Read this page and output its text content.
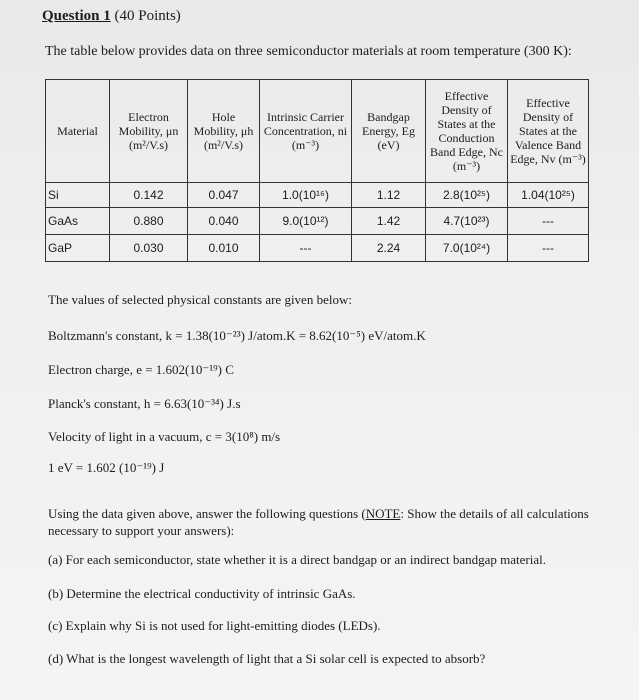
Question 1 (40 Points)
The table below provides data on three semiconductor materials at room temperature (300 K):
Material	Electron Mobility, μn (m²/V.s)	Hole Mobility, μh (m²/V.s)	Intrinsic Carrier Concentration, ni (m⁻³)	Bandgap Energy, Eg (eV)	Effective Density of States at the Conduction Band Edge, Nc (m⁻³)	Effective Density of States at the Valence Band Edge, Nv (m⁻³)
Si	0.142	0.047	1.0(10¹⁶)	1.12	2.8(10²⁵)	1.04(10²⁵)
GaAs	0.880	0.040	9.0(10¹²)	1.42	4.7(10²³)	---
GaP	0.030	0.010	---	2.24	7.0(10²⁴)	---

The values of selected physical constants are given below:

Boltzmann's constant, k = 1.38(10⁻²³) J/atom.K = 8.62(10⁻⁵) eV/atom.K

Electron charge, e = 1.602(10⁻¹⁹) C

Planck's constant, h = 6.63(10⁻³⁴) J.s

Velocity of light in a vacuum, c = 3(10⁸) m/s

1 eV = 1.602 (10⁻¹⁹) J

Using the data given above, answer the following questions (NOTE: Show the details of all calculations necessary to support your answers):

(a) For each semiconductor, state whether it is a direct bandgap or an indirect bandgap material.

(b) Determine the electrical conductivity of intrinsic GaAs.

(c) Explain why Si is not used for light-emitting diodes (LEDs).

(d) What is the longest wavelength of light that a Si solar cell is expected to absorb?
